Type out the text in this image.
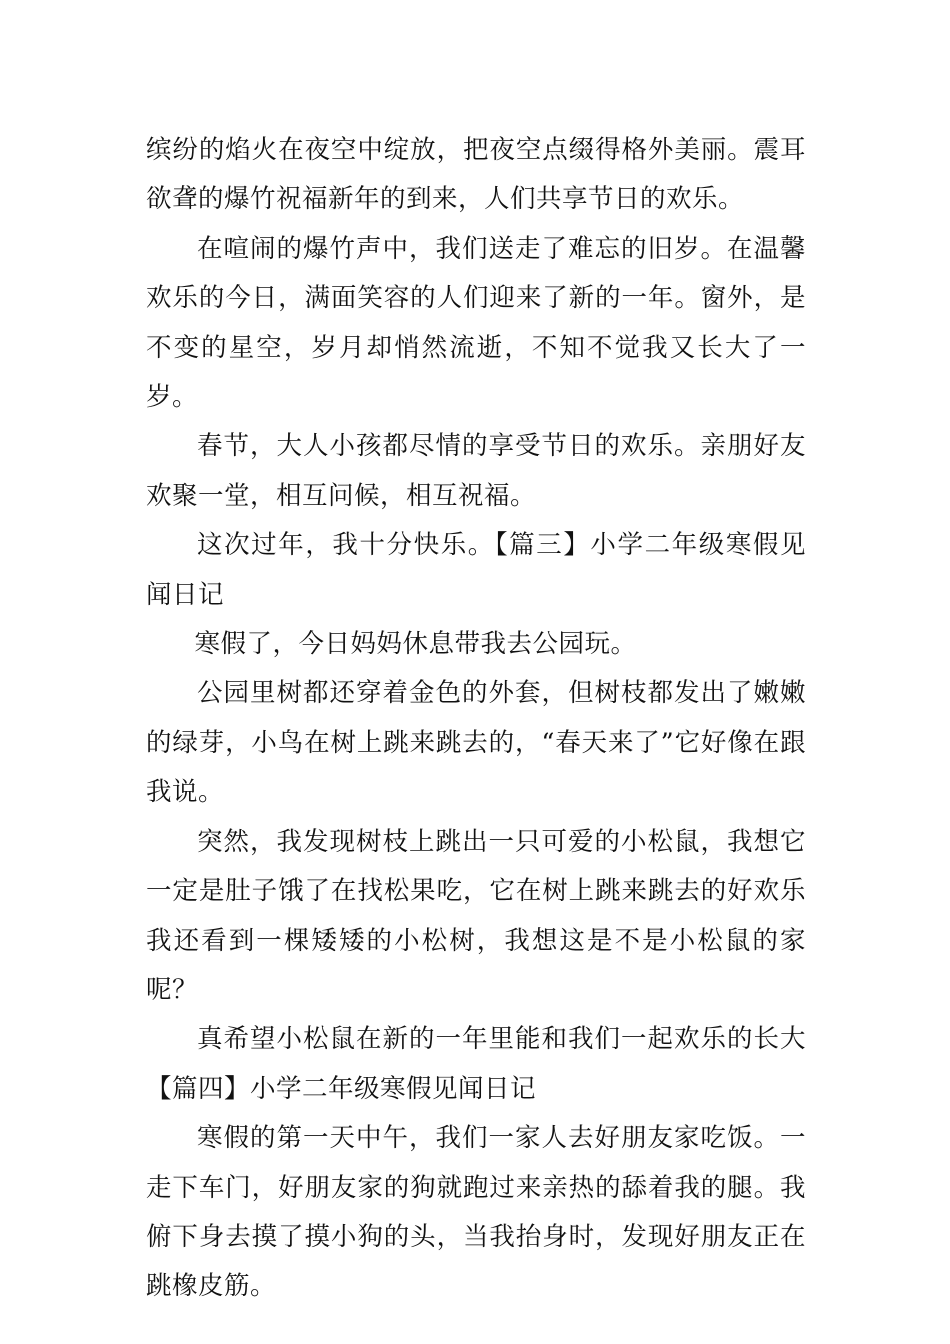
缤纷的焰火在夜空中绽放，把夜空点缀得格外美丽。震耳欲聋的爆竹祝福新年的到来，人们共享节日的欢乐。

在喧闹的爆竹声中，我们送走了难忘的旧岁。在温馨欢乐的今日，满面笑容的人们迎来了新的一年。窗外，是不变的星空，岁月却悄然流逝，不知不觉我又长大了一岁。

春节，大人小孩都尽情的享受节日的欢乐。亲朋好友欢聚一堂，相互问候，相互祝福。

这次过年，我十分快乐。【篇三】小学二年级寒假见闻日记

寒假了，今日妈妈休息带我去公园玩。

公园里树都还穿着金色的外套，但树枝都发出了嫩嫩的绿芽，小鸟在树上跳来跳去的，“春天来了”它好像在跟我说。

突然，我发现树枝上跳出一只可爱的小松鼠，我想它一定是肚子饿了在找松果吃，它在树上跳来跳去的好欢乐我还看到一棵矮矮的小松树，我想这是不是小松鼠的家呢？

真希望小松鼠在新的一年里能和我们一起欢乐的长大【篇四】小学二年级寒假见闻日记

寒假的第一天中午，我们一家人去好朋友家吃饭。一走下车门，好朋友家的狗就跑过来亲热的舔着我的腿。我俯下身去摸了摸小狗的头，当我抬身时，发现好朋友正在跳橡皮筋。
